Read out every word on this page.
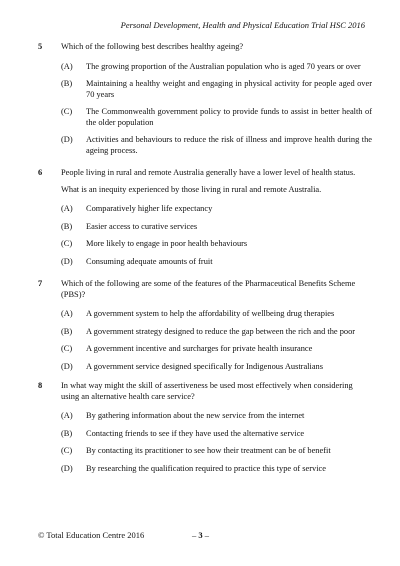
Personal Development, Health and Physical Education Trial HSC 2016
5 Which of the following best describes healthy ageing?

(A)	The growing proportion of the Australian population who is aged 70 years or over
(B)	Maintaining a healthy weight and engaging in physical activity for people aged over 70 years
(C)	The Commonwealth government policy to provide funds to assist in better health of the older population
(D)	Activities and behaviours to reduce the risk of illness and improve health during the ageing process.
6 People living in rural and remote Australia generally have a lower level of health status.

What is an inequity experienced by those living in rural and remote Australia.

(A)	Comparatively higher life expectancy
(B)	Easier access to curative services
(C)	More likely to engage in poor health behaviours
(D)	Consuming adequate amounts of fruit
7 Which of the following are some of the features of the Pharmaceutical Benefits Scheme (PBS)?

(A)	A government system to help the affordability of wellbeing drug therapies
(B)	A government strategy designed to reduce the gap between the rich and the poor
(C)	A government incentive and surcharges for private health insurance
(D)	A government service designed specifically for Indigenous Australians
8 In what way might the skill of assertiveness be used most effectively when considering using an alternative health care service?

(A)	By gathering information about the new service from the internet
(B)	Contacting friends to see if they have used the alternative service
(C)	By contacting its practitioner to see how their treatment can be of benefit
(D)	By researching the qualification required to practice this type of service
© Total Education Centre 2016	– 3 –
